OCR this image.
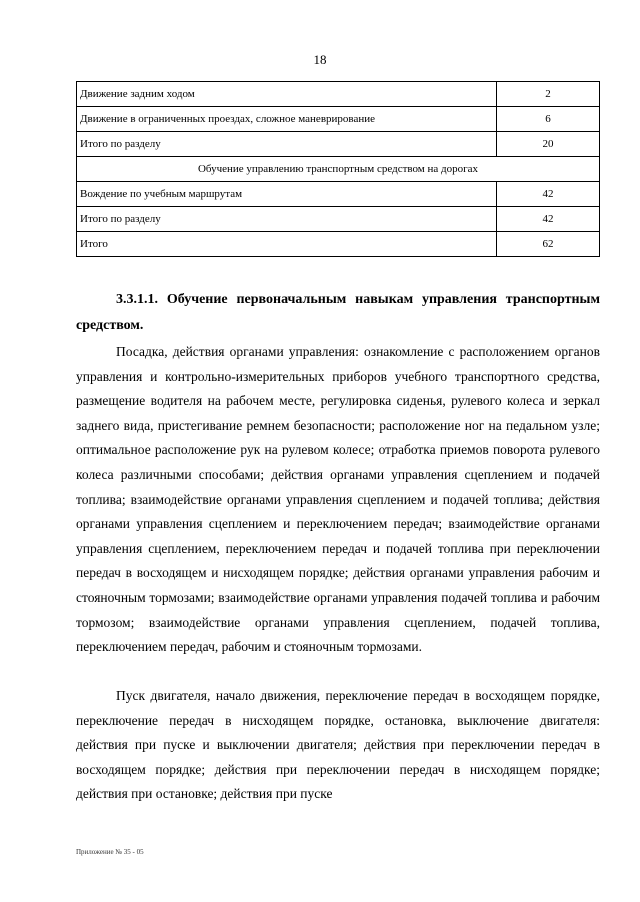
18
Движение задним ходом	2
Движение в ограниченных проездах, сложное маневрирование	6
Итого по разделу	20
Обучение управлению транспортным средством на дорогах	
Вождение по учебным маршрутам	42
Итого по разделу	42
Итого	62
3.3.1.1. Обучение первоначальным навыкам управления транспортным средством.

Посадка, действия органами управления: ознакомление с расположением органов управления и контрольно-измерительных приборов учебного транспортного средства, размещение водителя на рабочем месте, регулировка сиденья, рулевого колеса и зеркал заднего вида, пристегивание ремнем безопасности; расположение ног на педальном узле; оптимальное расположение рук на рулевом колесе; отработка приемов поворота рулевого колеса различными способами; действия органами управления сцеплением и подачей топлива; взаимодействие органами управления сцеплением и подачей топлива; действия органами управления сцеплением и переключением передач; взаимодействие органами управления сцеплением, переключением передач и подачей топлива при переключении передач в восходящем и нисходящем порядке; действия органами управления рабочим и стояночным тормозами; взаимодействие органами управления подачей топлива и рабочим тормозом; взаимодействие органами управления сцеплением, подачей топлива, переключением передач, рабочим и стояночным тормозами.

Пуск двигателя, начало движения, переключение передач в восходящем порядке, переключение передач в нисходящем порядке, остановка, выключение двигателя: действия при пуске и выключении двигателя; действия при переключении передач в восходящем порядке; действия при переключении передач в нисходящем порядке; действия при остановке; действия при пуске

Приложение № 35 - 05
